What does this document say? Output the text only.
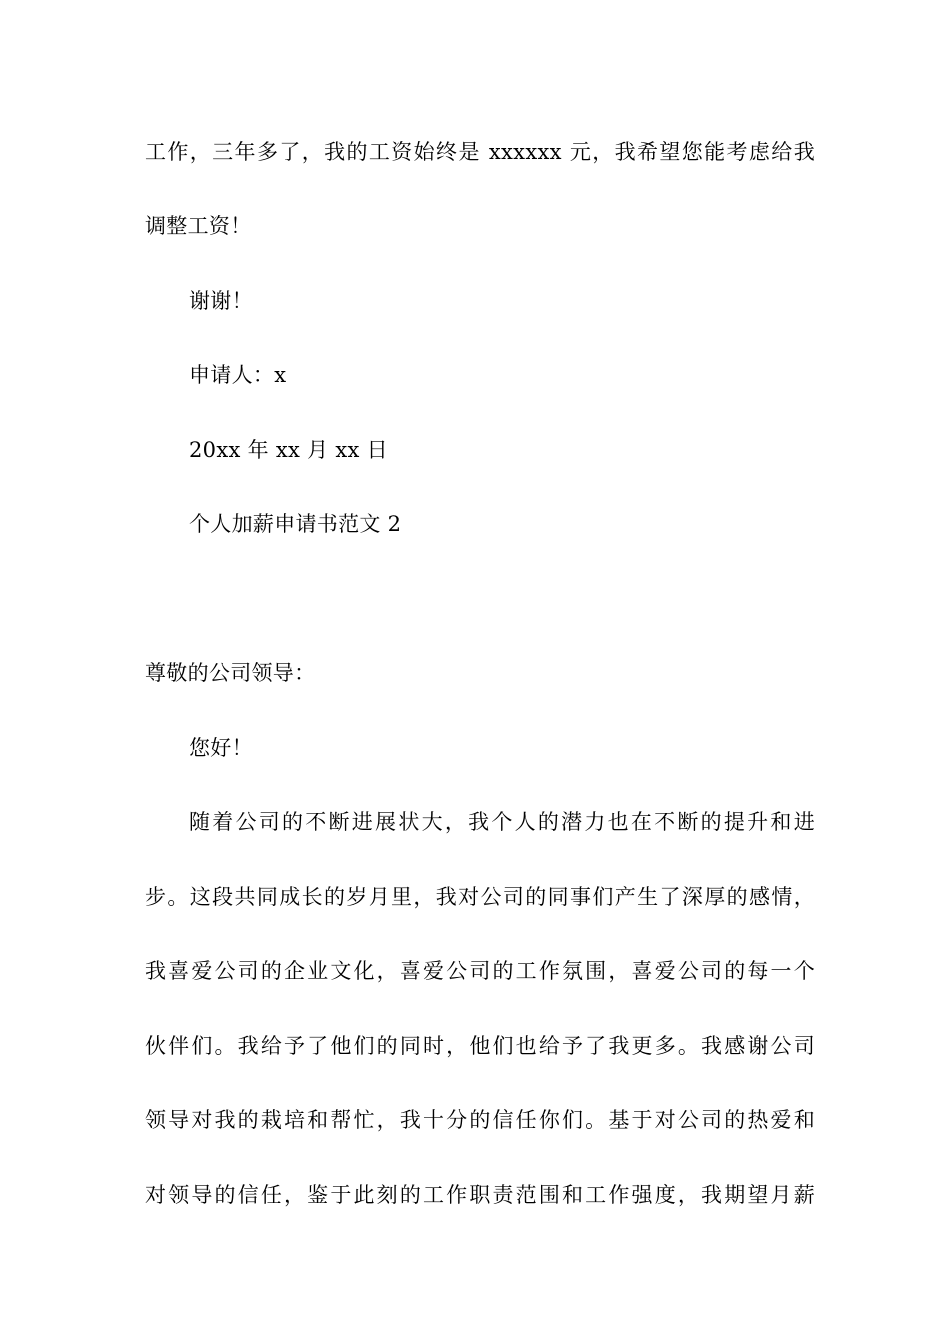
工作，三年多了，我的工资始终是 xxxxxx 元，我希望您能考虑给我
调整工资！
谢谢！
申请人：x
20xx 年 xx 月 xx 日
个人加薪申请书范文 2
尊敬的公司领导：
您好！
随着公司的不断进展状大，我个人的潜力也在不断的提升和进
步。这段共同成长的岁月里，我对公司的同事们产生了深厚的感情，
我喜爱公司的企业文化，喜爱公司的工作氛围，喜爱公司的每一个
伙伴们。我给予了他们的同时，他们也给予了我更多。我感谢公司
领导对我的栽培和帮忙，我十分的信任你们。基于对公司的热爱和
对领导的信任，鉴于此刻的工作职责范围和工作强度，我期望月薪
